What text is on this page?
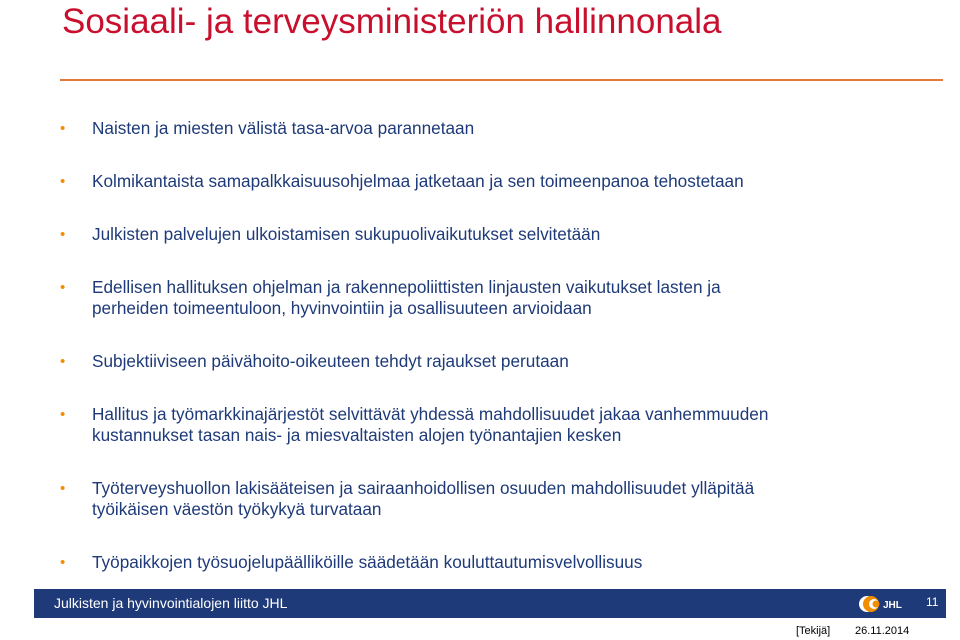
Sosiaali- ja terveysministeriön hallinnonala
• Naisten ja miesten välistä tasa-arvoa parannetaan
• Kolmikantaista samapalkkaisuusohjelmaa jatketaan ja sen toimeenpanoa tehostetaan
• Julkisten palvelujen ulkoistamisen sukupuolivaikutukset selvitetään
• Edellisen hallituksen ohjelman ja rakennepoliittisten linjausten vaikutukset lasten ja
perheiden toimeentuloon, hyvinvointiin ja osallisuuteen arvioidaan
• Subjektiiviseen päivähoito-oikeuteen tehdyt rajaukset perutaan
• Hallitus ja työmarkkinajärjestöt selvittävät yhdessä mahdollisuudet jakaa vanhemmuuden
kustannukset tasan nais- ja miesvaltaisten alojen työnantajien kesken
• Työterveyshuollon lakisääteisen ja sairaanhoidollisen osuuden mahdollisuudet ylläpitää
työikäisen väestön työkykyä turvataan
• Työpaikkojen työsuojelupäälliköille säädetään kouluttautumisvelvollisuus
Julkisten ja hyvinvointialojen liitto JHL	JHL 11
[Tekijä] 26.11.2014
